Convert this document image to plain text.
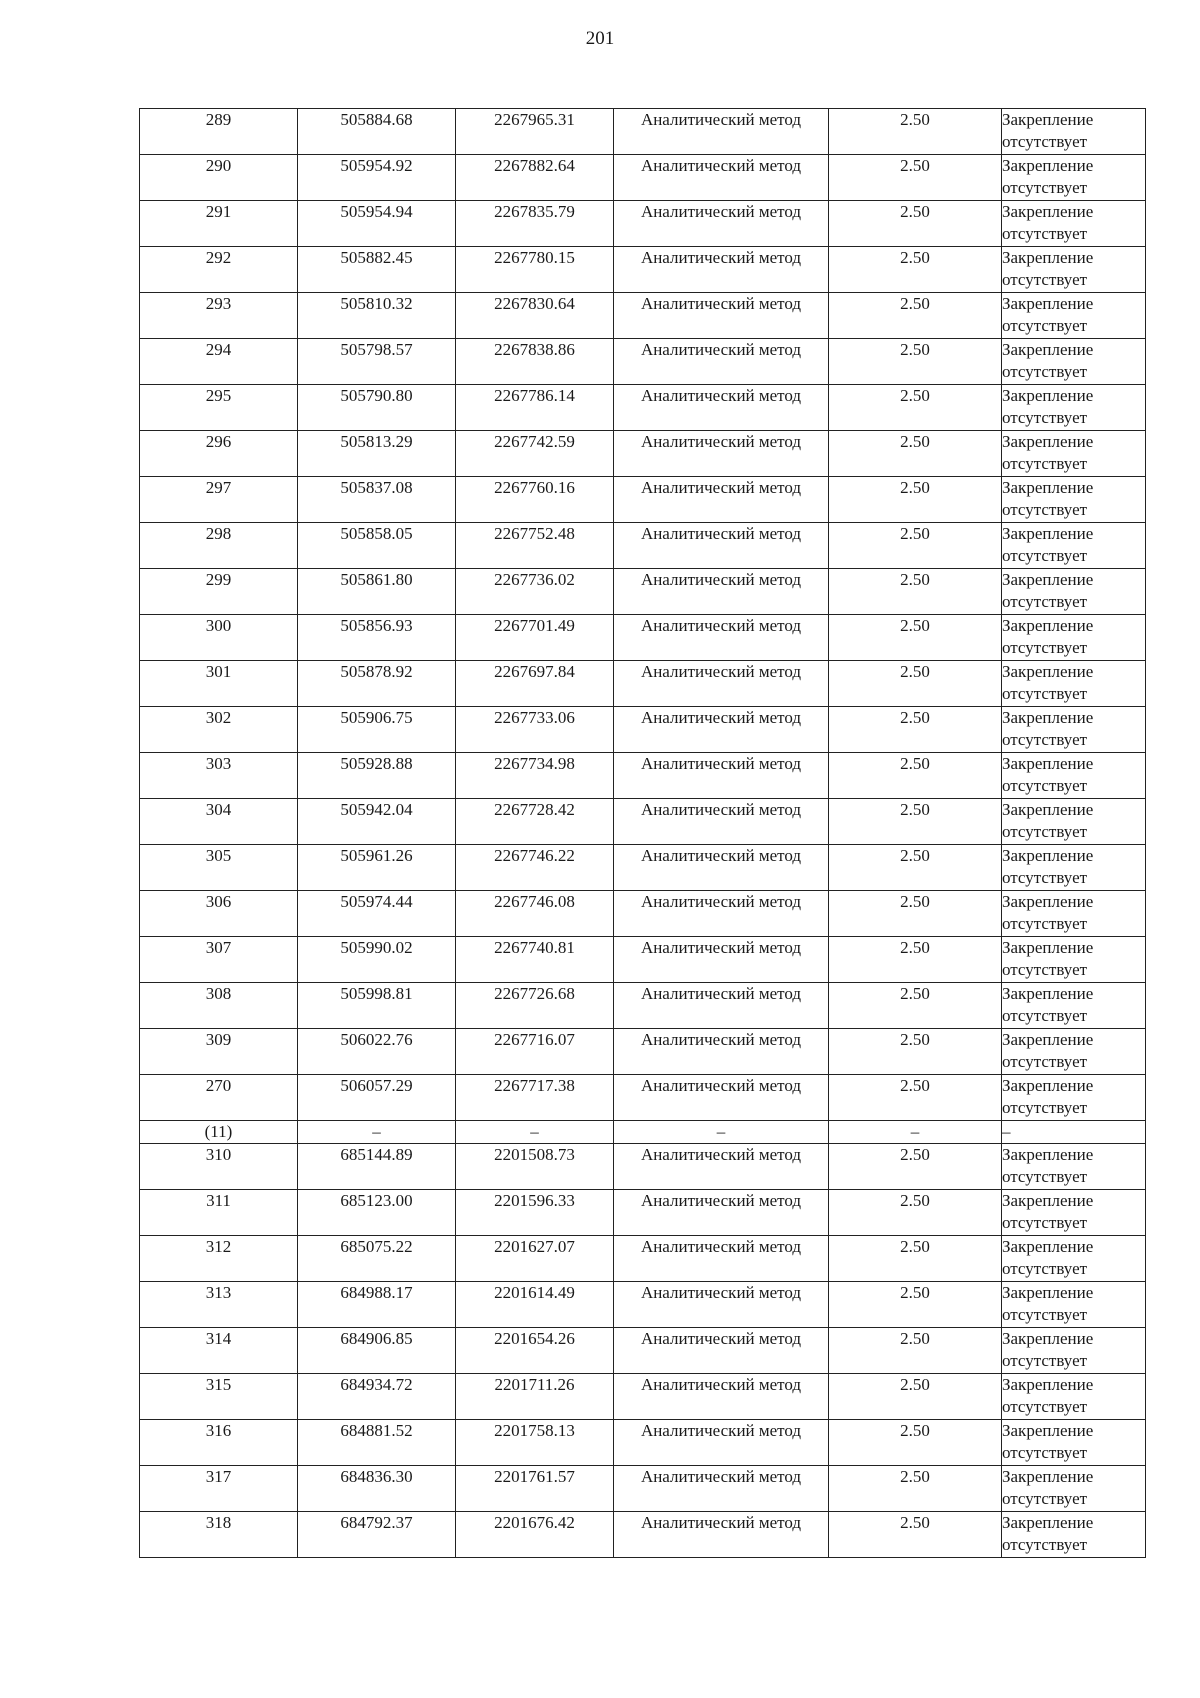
201
289	505884.68	2267965.31	Аналитический метод	2.50	Закрепление отсутствует
290	505954.92	2267882.64	Аналитический метод	2.50	Закрепление отсутствует
291	505954.94	2267835.79	Аналитический метод	2.50	Закрепление отсутствует
292	505882.45	2267780.15	Аналитический метод	2.50	Закрепление отсутствует
293	505810.32	2267830.64	Аналитический метод	2.50	Закрепление отсутствует
294	505798.57	2267838.86	Аналитический метод	2.50	Закрепление отсутствует
295	505790.80	2267786.14	Аналитический метод	2.50	Закрепление отсутствует
296	505813.29	2267742.59	Аналитический метод	2.50	Закрепление отсутствует
297	505837.08	2267760.16	Аналитический метод	2.50	Закрепление отсутствует
298	505858.05	2267752.48	Аналитический метод	2.50	Закрепление отсутствует
299	505861.80	2267736.02	Аналитический метод	2.50	Закрепление отсутствует
300	505856.93	2267701.49	Аналитический метод	2.50	Закрепление отсутствует
301	505878.92	2267697.84	Аналитический метод	2.50	Закрепление отсутствует
302	505906.75	2267733.06	Аналитический метод	2.50	Закрепление отсутствует
303	505928.88	2267734.98	Аналитический метод	2.50	Закрепление отсутствует
304	505942.04	2267728.42	Аналитический метод	2.50	Закрепление отсутствует
305	505961.26	2267746.22	Аналитический метод	2.50	Закрепление отсутствует
306	505974.44	2267746.08	Аналитический метод	2.50	Закрепление отсутствует
307	505990.02	2267740.81	Аналитический метод	2.50	Закрепление отсутствует
308	505998.81	2267726.68	Аналитический метод	2.50	Закрепление отсутствует
309	506022.76	2267716.07	Аналитический метод	2.50	Закрепление отсутствует
270	506057.29	2267717.38	Аналитический метод	2.50	Закрепление отсутствует
(11)	–	–	–	–	–
310	685144.89	2201508.73	Аналитический метод	2.50	Закрепление отсутствует
311	685123.00	2201596.33	Аналитический метод	2.50	Закрепление отсутствует
312	685075.22	2201627.07	Аналитический метод	2.50	Закрепление отсутствует
313	684988.17	2201614.49	Аналитический метод	2.50	Закрепление отсутствует
314	684906.85	2201654.26	Аналитический метод	2.50	Закрепление отсутствует
315	684934.72	2201711.26	Аналитический метод	2.50	Закрепление отсутствует
316	684881.52	2201758.13	Аналитический метод	2.50	Закрепление отсутствует
317	684836.30	2201761.57	Аналитический метод	2.50	Закрепление отсутствует
318	684792.37	2201676.42	Аналитический метод	2.50	Закрепление отсутствует
